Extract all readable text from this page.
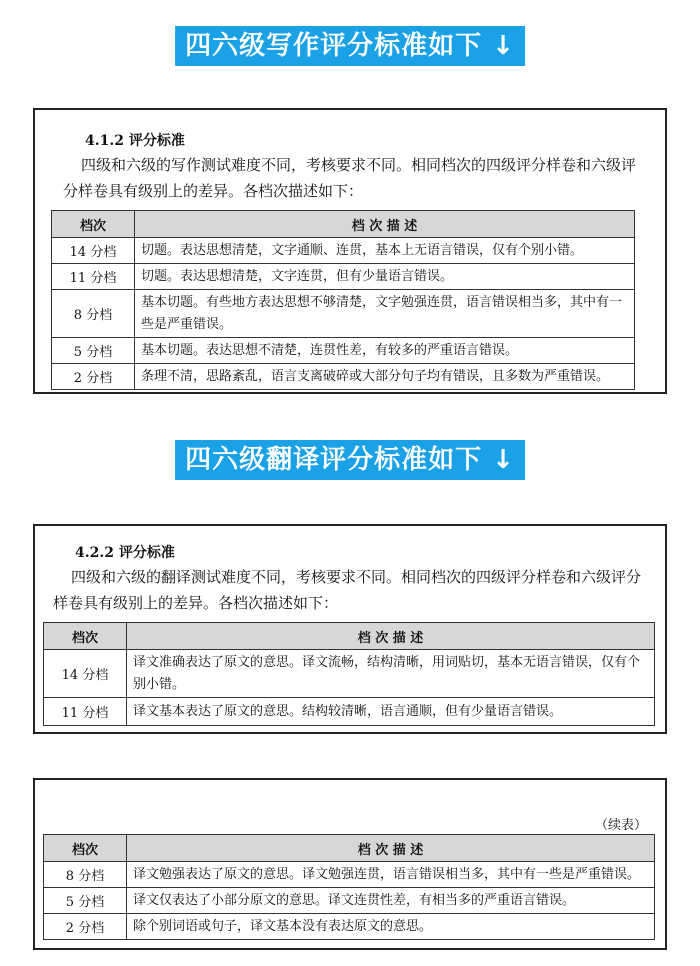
四六级写作评分标准如下 ↓
4.1.2 评分标准
四级和六级的写作测试难度不同，考核要求不同。相同档次的四级评分样卷和六级评分样卷具有级别上的差异。各档次描述如下：
档次	档 次 描 述
14 分档	切题。表达思想清楚，文字通顺、连贯，基本上无语言错误，仅有个别小错。
11 分档	切题。表达思想清楚，文字连贯，但有少量语言错误。
8 分档	基本切题。有些地方表达思想不够清楚，文字勉强连贯，语言错误相当多，其中有一些是严重错误。
5 分档	基本切题。表达思想不清楚，连贯性差，有较多的严重语言错误。
2 分档	条理不清，思路紊乱，语言支离破碎或大部分句子均有错误，且多数为严重错误。
四六级翻译评分标准如下 ↓
4.2.2 评分标准
四级和六级的翻译测试难度不同，考核要求不同。相同档次的四级评分样卷和六级评分样卷具有级别上的差异。各档次描述如下：
档次	档 次 描 述
14 分档	译文准确表达了原文的意思。译文流畅，结构清晰，用词贴切，基本无语言错误，仅有个别小错。
11 分档	译文基本表达了原文的意思。结构较清晰，语言通顺，但有少量语言错误。
（续表）
档次	档 次 描 述
8 分档	译文勉强表达了原文的意思。译文勉强连贯，语言错误相当多，其中有一些是严重错误。
5 分档	译文仅表达了小部分原文的意思。译文连贯性差，有相当多的严重语言错误。
2 分档	除个别词语或句子，译文基本没有表达原文的意思。
